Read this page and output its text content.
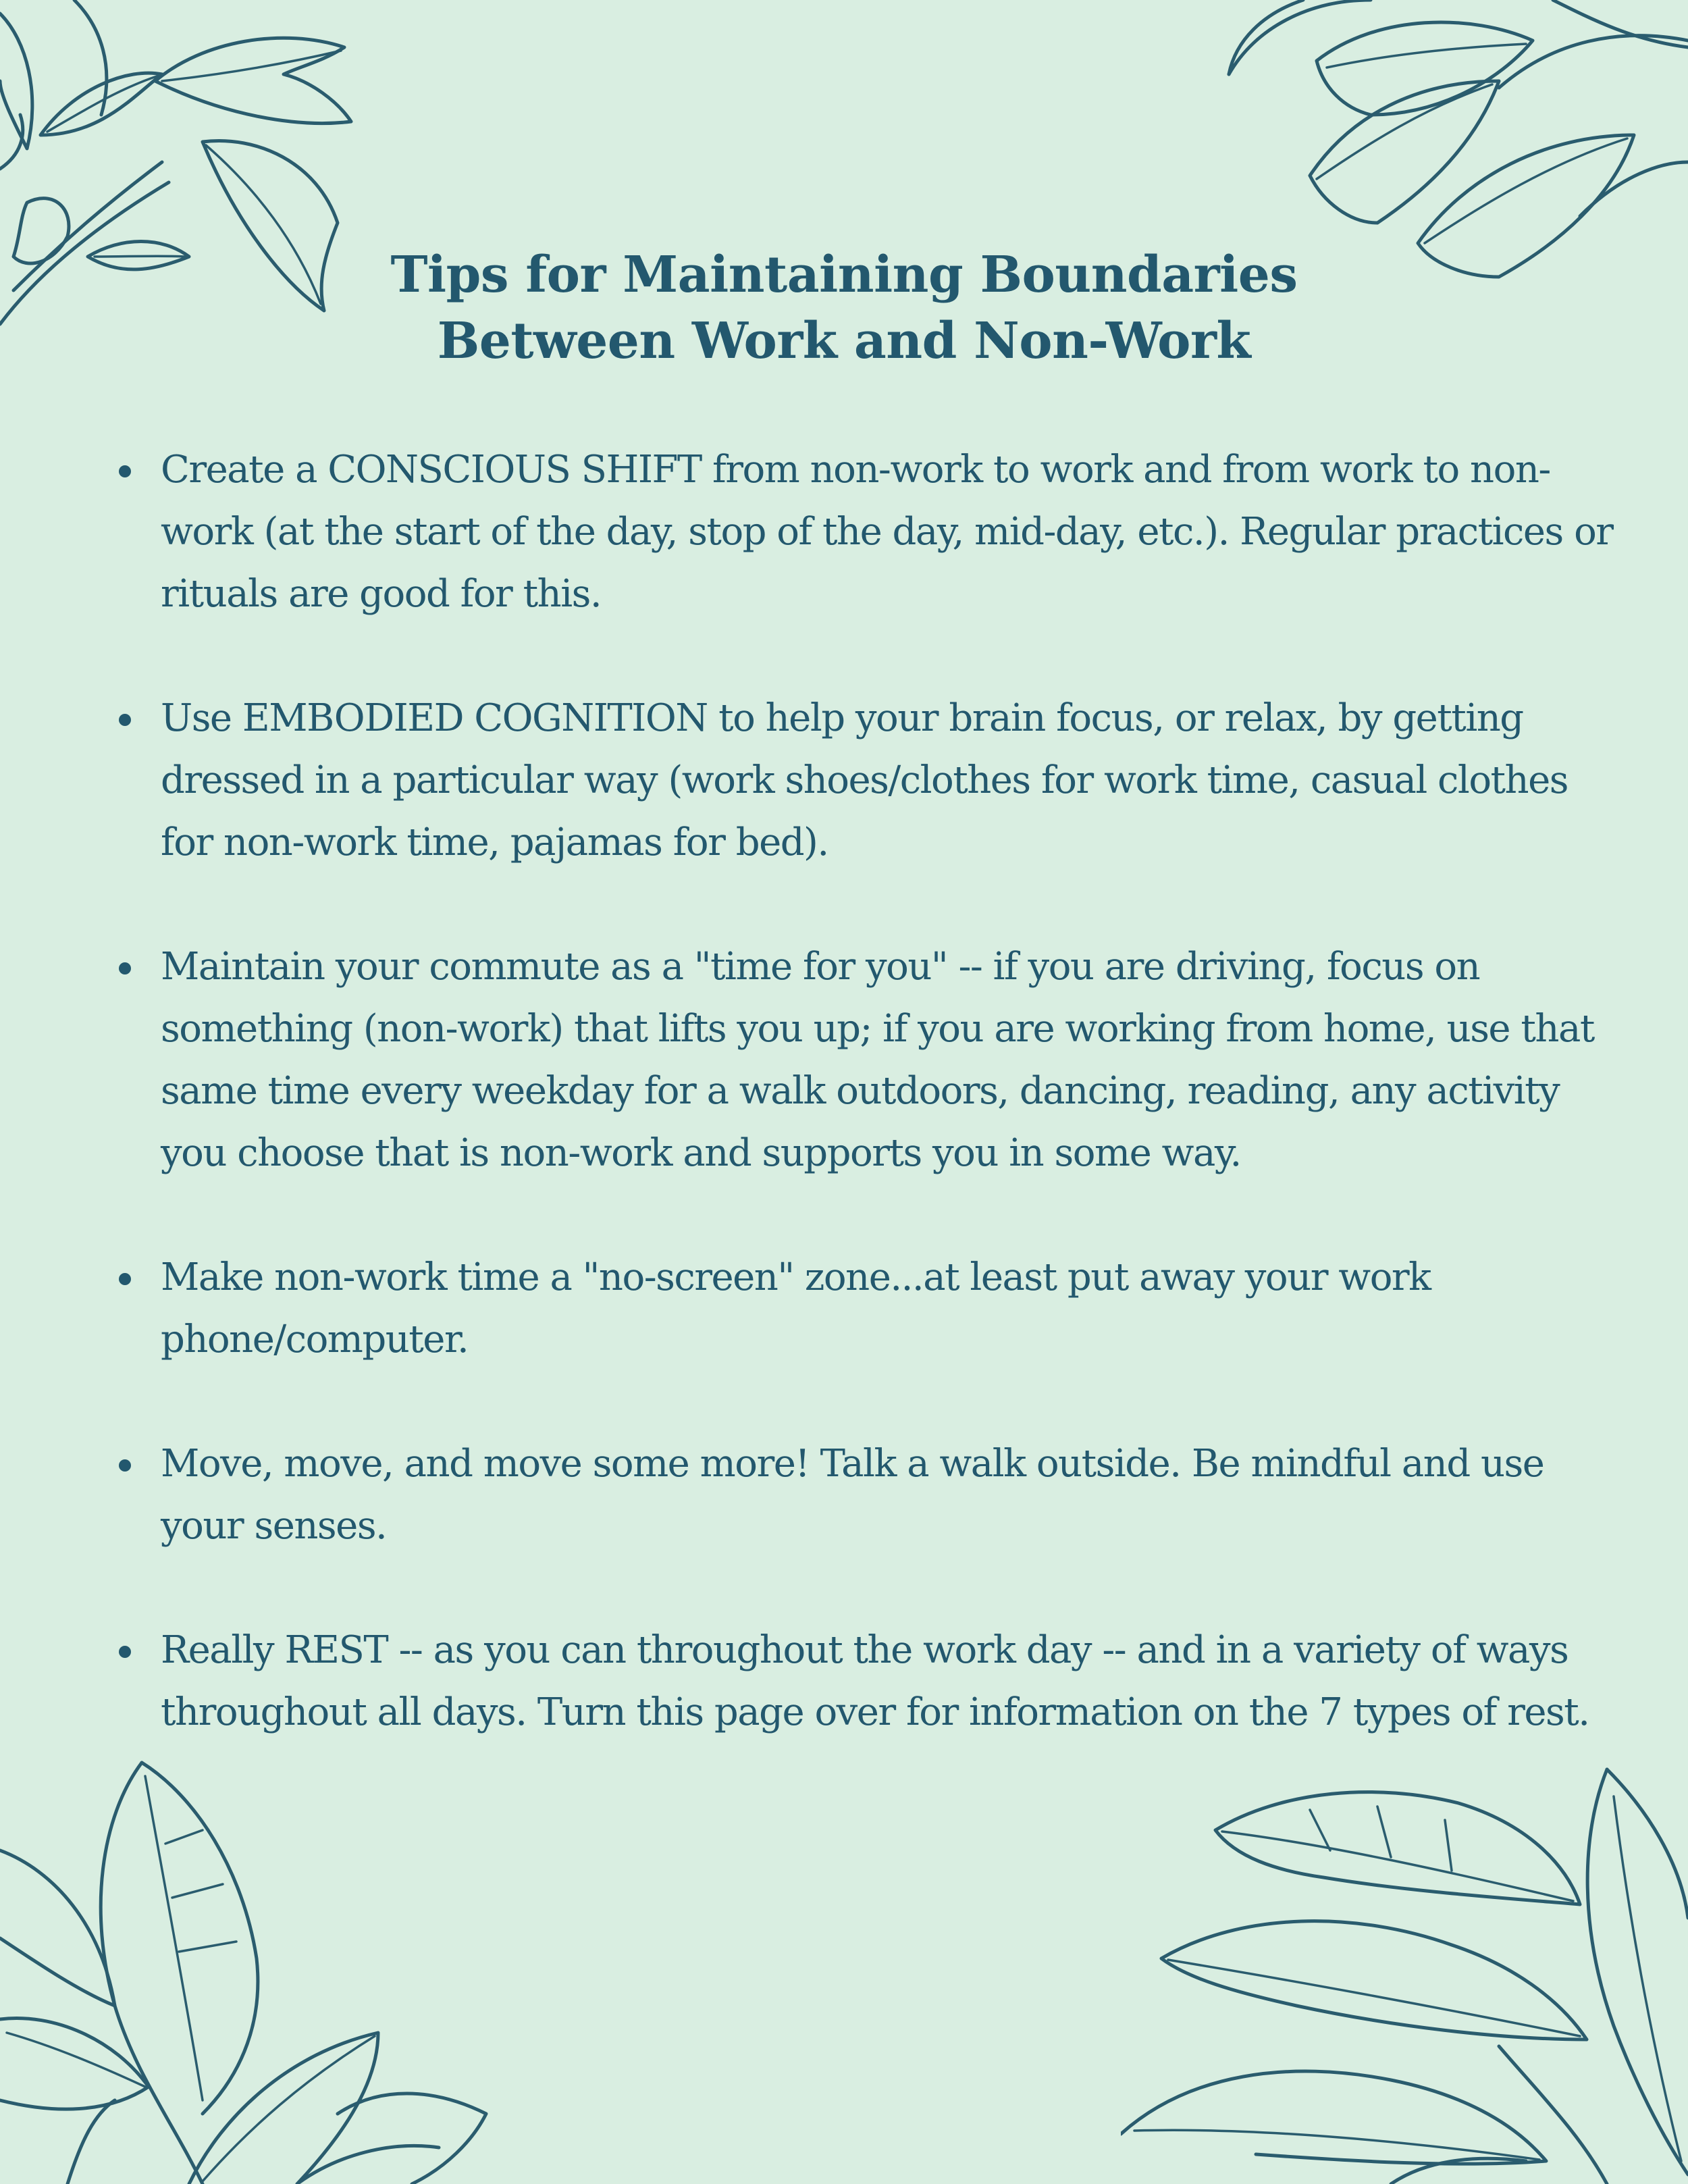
Tips for Maintaining Boundaries
Between Work and Non-Work
Create a CONSCIOUS SHIFT from non-work to work and from work to non-work (at the start of the day, stop of the day, mid-day, etc.). Regular practices or rituals are good for this.
Use EMBODIED COGNITION to help your brain focus, or relax, by getting dressed in a particular way (work shoes/clothes for work time, casual clothes for non-work time, pajamas for bed).
Maintain your commute as a "time for you" -- if you are driving, focus on something (non-work) that lifts you up; if you are working from home, use that same time every weekday for a walk outdoors, dancing, reading, any activity you choose that is non-work and supports you in some way.
Make non-work time a "no-screen" zone...at least put away your work phone/computer.
Move, move, and move some more! Talk a walk outside. Be mindful and use your senses.
Really REST -- as you can throughout the work day -- and in a variety of ways throughout all days. Turn this page over for information on the 7 types of rest.
